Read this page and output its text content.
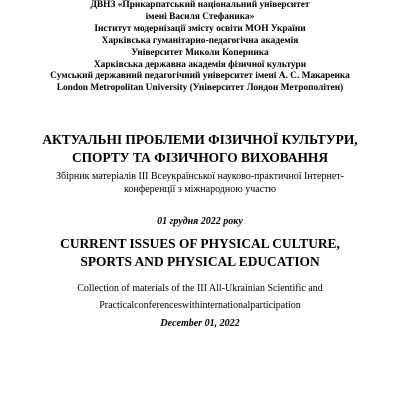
ДВНЗ «Прикарпатський національний університет
імені Василя Стефаника»
Інститут модернізації змісту освіти МОН України
Харківська гуманітарно-педагогічна академія
Університет Миколи Коперника
Харківська державна академія фізичної культури
Сумський державний педагогічний університет імені А. С. Макаренка
London Metropolitan University (Університет Лондон Метрополітен)
АКТУАЛЬНІ ПРОБЛЕМИ ФІЗИЧНОЇ КУЛЬТУРИ,
СПОРТУ ТА ФІЗИЧНОГО ВИХОВАННЯ
Збірник матеріалів ІІІ Всеукраїнської науково-практичної Інтернет-
конференції з міжнародною участю
01 грудня 2022 року
CURRENT ISSUES OF PHYSICAL CULTURE,
SPORTS AND PHYSICAL EDUCATION
Collection of materials of the III All-Ukrainian Scientific and
Practicalconferenceswithinternationalparticipation
December 01, 2022
